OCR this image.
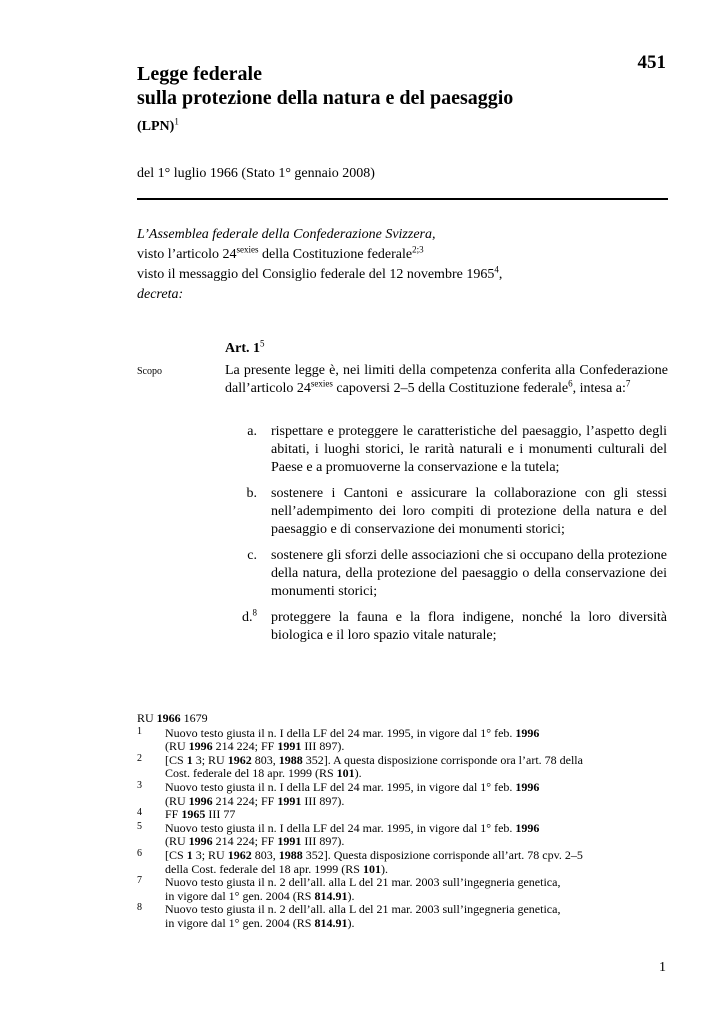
451
Legge federale
sulla protezione della natura e del paesaggio
(LPN)$^1$
del 1° luglio 1966 (Stato 1° gennaio 2008)
L’Assemblea federale della Confederazione Svizzera,
visto l’articolo $24^{sexies}$ della Costituzione federale$^{2;3}$
visto il messaggio del Consiglio federale del 12 novembre 1965$^4$,
decreta:
Art. $1^5$
Scopo	La presente legge è, nei limiti della competenza conferita alla Confederazione dall’articolo $24^{sexies}$ capoversi 2–5 della Costituzione federale$^6$, intesa a:$^7$
a. rispettare e proteggere le caratteristiche del paesaggio, l’aspetto degli abitati, i luoghi storici, le rarità naturali e i monumenti culturali del Paese e a promuoverne la conservazione e la tutela;
b. sostenere i Cantoni e assicurare la collaborazione con gli stessi nell’adempimento dei loro compiti di protezione della natura e del paesaggio e di conservazione dei monumenti storici;
c. sostenere gli sforzi delle associazioni che si occupano della protezione della natura, della protezione del paesaggio o della conservazione dei monumenti storici;
d.$^8$ proteggere la fauna e la flora indigene, nonché la loro diversità biologica e il loro spazio vitale naturale;
RU 1966 1679
1	Nuovo testo giusta il n. I della LF del 24 mar. 1995, in vigore dal 1° feb. 1996
(RU 1996 214 224; FF 1991 III 897).
2	[CS 1 3; RU 1962 803, 1988 352]. A questa disposizione corrisponde ora l’art. 78 della
Cost. federale del 18 apr. 1999 (RS 101).
3	Nuovo testo giusta il n. I della LF del 24 mar. 1995, in vigore dal 1° feb. 1996
(RU 1996 214 224; FF 1991 III 897).
4	FF 1965 III 77
5	Nuovo testo giusta il n. I della LF del 24 mar. 1995, in vigore dal 1° feb. 1996
(RU 1996 214 224; FF 1991 III 897).
6	[CS 1 3; RU 1962 803, 1988 352]. Questa disposizione corrisponde all’art. 78 cpv. 2–5
della Cost. federale del 18 apr. 1999 (RS 101).
7	Nuovo testo giusta il n. 2 dell’all. alla L del 21 mar. 2003 sull’ingegneria genetica,
in vigore dal 1° gen. 2004 (RS 814.91).
8	Nuovo testo giusta il n. 2 dell’all. alla L del 21 mar. 2003 sull’ingegneria genetica,
in vigore dal 1° gen. 2004 (RS 814.91).
1
